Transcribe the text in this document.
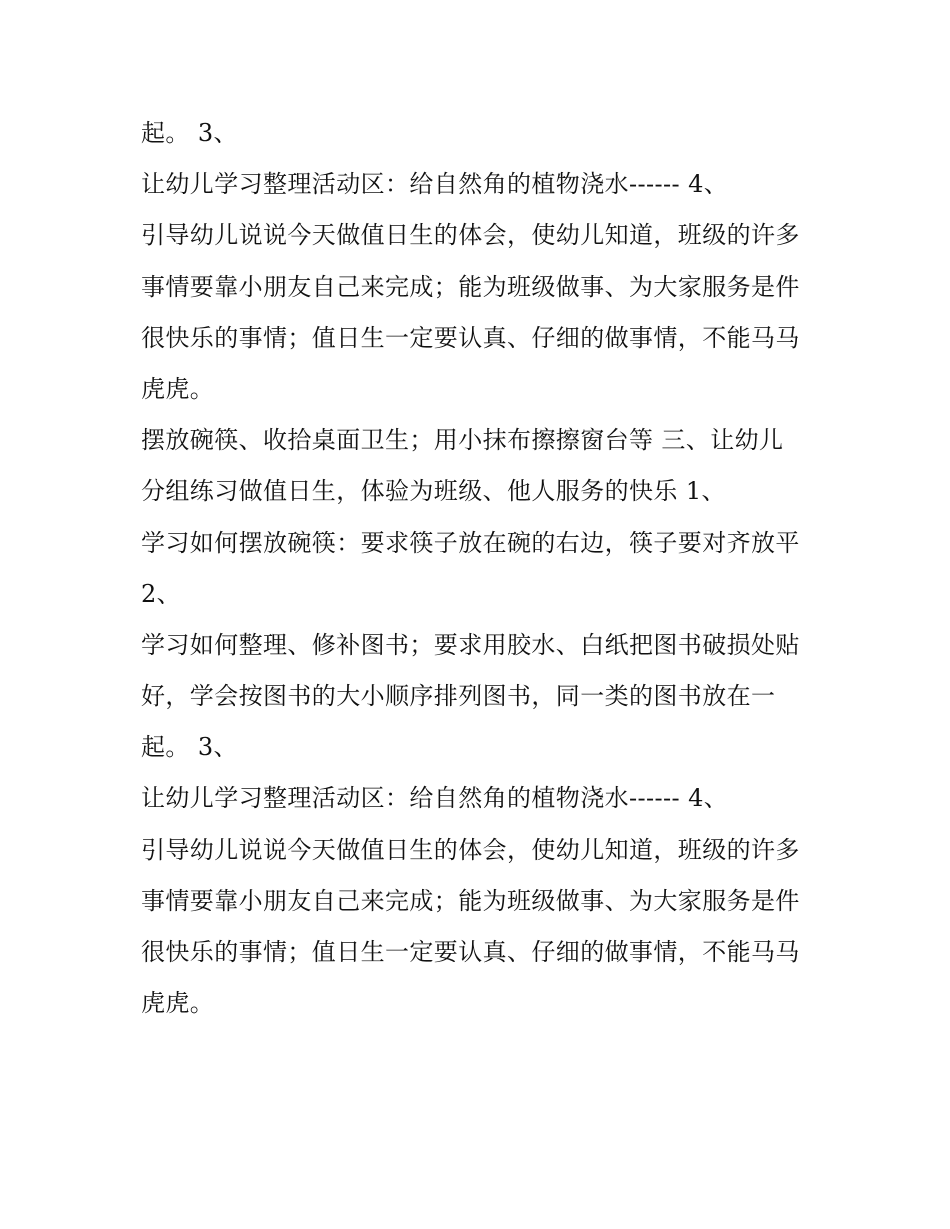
起。 3、
让幼儿学习整理活动区：给自然角的植物浇水------ 4、
引导幼儿说说今天做值日生的体会，使幼儿知道，班级的许多
事情要靠小朋友自己来完成；能为班级做事、为大家服务是件
很快乐的事情；值日生一定要认真、仔细的做事情，不能马马
虎虎。
摆放碗筷、收拾桌面卫生；用小抹布擦擦窗台等 三、让幼儿
分组练习做值日生，体验为班级、他人服务的快乐 1、
学习如何摆放碗筷：要求筷子放在碗的右边，筷子要对齐放平
2、
学习如何整理、修补图书；要求用胶水、白纸把图书破损处贴
好，学会按图书的大小顺序排列图书，同一类的图书放在一
起。 3、
让幼儿学习整理活动区：给自然角的植物浇水------ 4、
引导幼儿说说今天做值日生的体会，使幼儿知道，班级的许多
事情要靠小朋友自己来完成；能为班级做事、为大家服务是件
很快乐的事情；值日生一定要认真、仔细的做事情，不能马马
虎虎。
